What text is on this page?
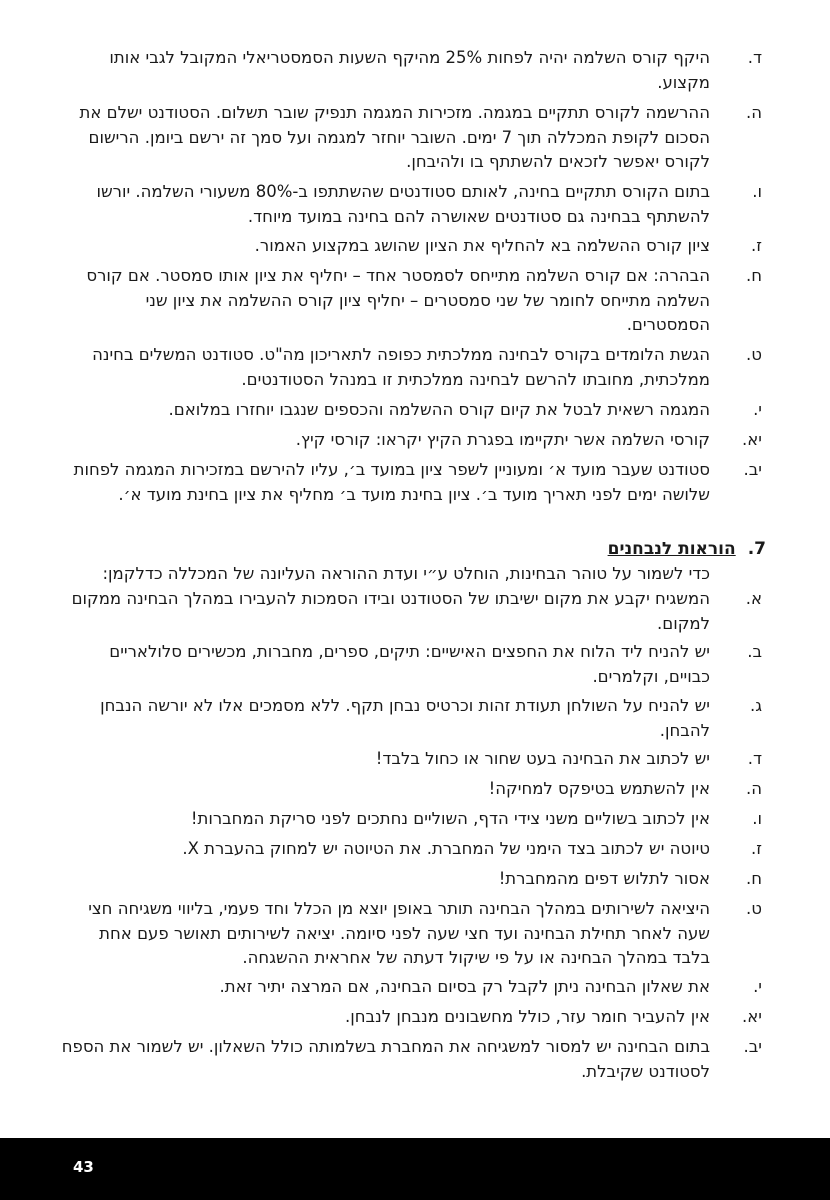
ד.
היקף קורס השלמה יהיה לפחות 25% מהיקף השעות הסמסטריאלי המקובל לגבי אותו מקצוע.
ה.
ההרשמה לקורס תתקיים במגמה. מזכירות המגמה תנפיק שובר תשלום. הסטודנט ישלם את הסכום לקופת המכללה תוך 7 ימים. השובר יוחזר למגמה ועל סמך זה ירשם ביומן. הרישום לקורס יאפשר לזכאים להשתתף בו ולהיבחן.
ו.
בתום הקורס תתקיים בחינה, לאותם סטודנטים שהשתתפו ב-80% משעורי השלמה. יורשו להשתתף בבחינה גם סטודנטים שאושרה להם בחינה במועד מיוחד.
ז.
ציון קורס ההשלמה בא להחליף את הציון שהושג במקצוע האמור.
ח.
הבהרה: אם קורס השלמה מתייחס לסמסטר אחד – יחליף את ציון אותו סמסטר. אם קורס השלמה מתייחס לחומר של שני סמסטרים – יחליף ציון קורס ההשלמה את ציון שני הסמסטרים.
ט.
הגשת הלומדים בקורס לבחינה ממלכתית כפופה לתאריכון מה"ט. סטודנט המשלים בחינה ממלכתית, מחובתו להרשם לבחינה ממלכתית זו במנהל הסטודנטים.
י.
המגמה רשאית לבטל את קיום קורס ההשלמה והכספים שנגבו יוחזרו במלואם.
יא.
קורסי השלמה אשר יתקיימו בפגרת הקיץ יקראו: קורסי קיץ.
יב.
סטודנט שעבר מועד א׳ ומעוניין לשפר ציון במועד ב׳, עליו להירשם במזכירות המגמה לפחות שלושה ימים לפני תאריך מועד ב׳. ציון בחינת מועד ב׳ מחליף את ציון בחינת מועד א׳.
7.הוראות לנבחנים
כדי לשמור על טוהר הבחינות, הוחלט ע״י ועדת ההוראה העליונה של המכללה כדלקמן:
א.
המשגיח יקבע את מקום ישיבתו של הסטודנט ובידו הסמכות להעבירו במהלך הבחינה ממקום למקום.
ב.
יש להניח ליד הלוח את החפצים האישיים: תיקים, ספרים, מחברות, מכשירים סלולאריים כבויים, וקלמרים.
ג.
יש להניח על השולחן תעודת זהות וכרטיס נבחן תקף. ללא מסמכים אלו לא יורשה הנבחן להבחן.
ד.
יש לכתוב את הבחינה בעט שחור או כחול בלבד!
ה.
אין להשתמש בטיפקס למחיקה!
ו.
אין לכתוב בשוליים משני צידי הדף, השוליים נחתכים לפני סריקת המחברות!
ז.
טיוטה יש לכתוב בצד הימני של המחברת. את הטיוטה יש למחוק בהעברת X.
ח.
אסור לתלוש דפים מהמחברת!
ט.
היציאה לשירותים במהלך הבחינה תותר באופן יוצא מן הכלל וחד פעמי, בליווי משגיחה חצי שעה לאחר תחילת הבחינה ועד חצי שעה לפני סיומה. יציאה לשירותים תאושר פעם אחת בלבד במהלך הבחינה או על פי שיקול דעתה של אחראית ההשגחה.
י.
את שאלון הבחינה ניתן לקבל רק בסיום הבחינה, אם המרצה יתיר זאת.
יא.
אין להעביר חומר עזר, כולל מחשבונים מנבחן לנבחן.
יב.
בתום הבחינה יש למסור למשגיחה את המחברת בשלמותה כולל השאלון. יש לשמור את הספח לסטודנט שקיבלת.
43
